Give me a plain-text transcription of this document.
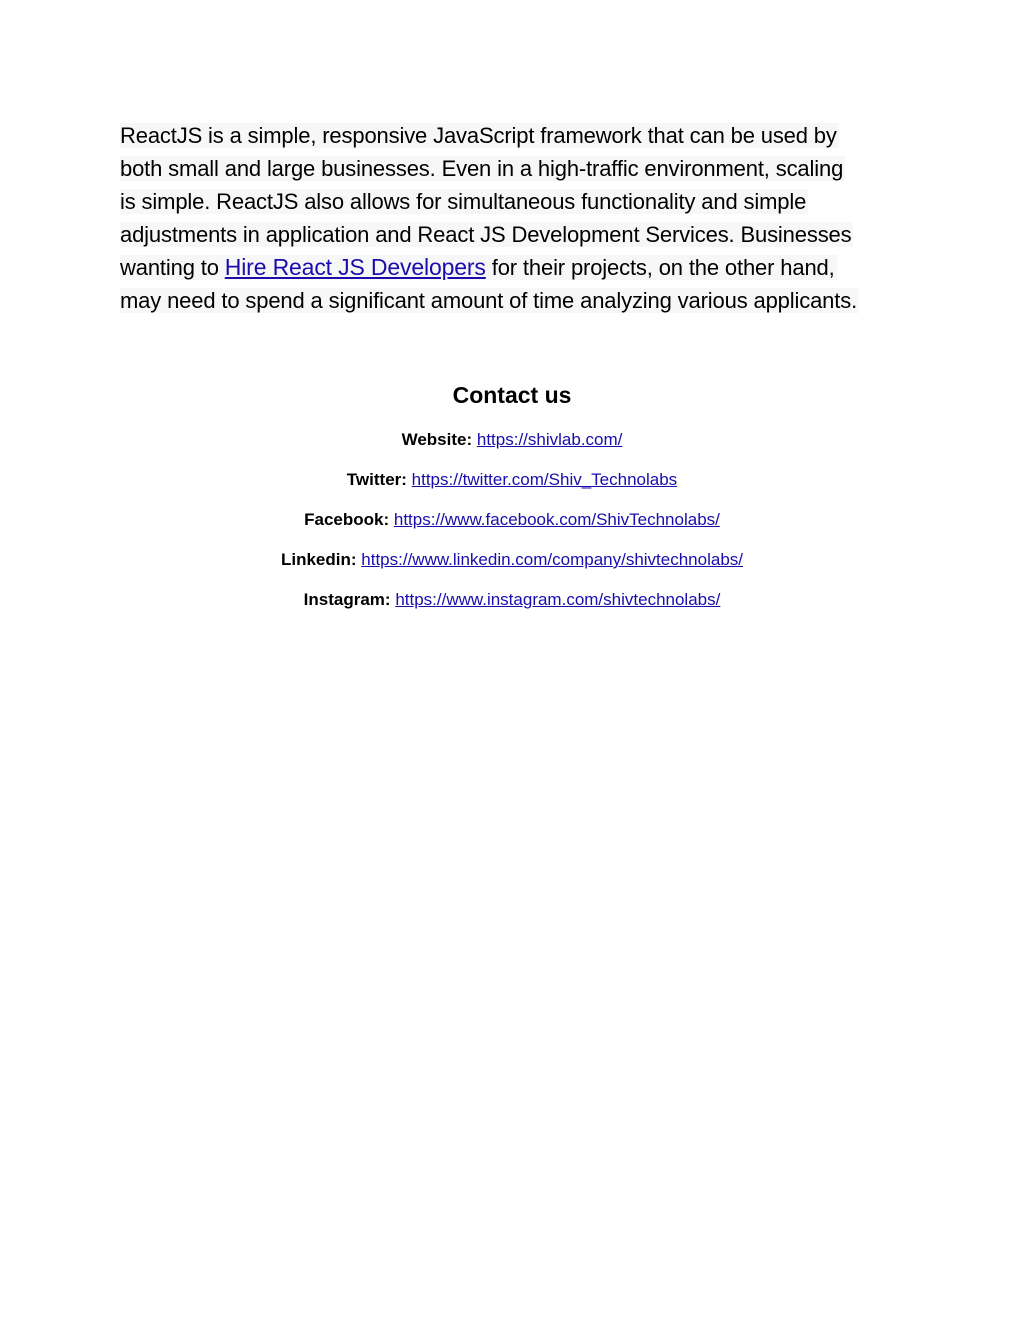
ReactJS is a simple, responsive JavaScript framework that can be used by
both small and large businesses. Even in a high-traffic environment, scaling
is simple. ReactJS also allows for simultaneous functionality and simple
adjustments in application and React JS Development Services. Businesses
wanting to Hire React JS Developers for their projects, on the other hand,
may need to spend a significant amount of time analyzing various applicants.
Contact us
Website: https://shivlab.com/
Twitter: https://twitter.com/Shiv_Technolabs
Facebook: https://www.facebook.com/ShivTechnolabs/
Linkedin: https://www.linkedin.com/company/shivtechnolabs/
Instagram: https://www.instagram.com/shivtechnolabs/
